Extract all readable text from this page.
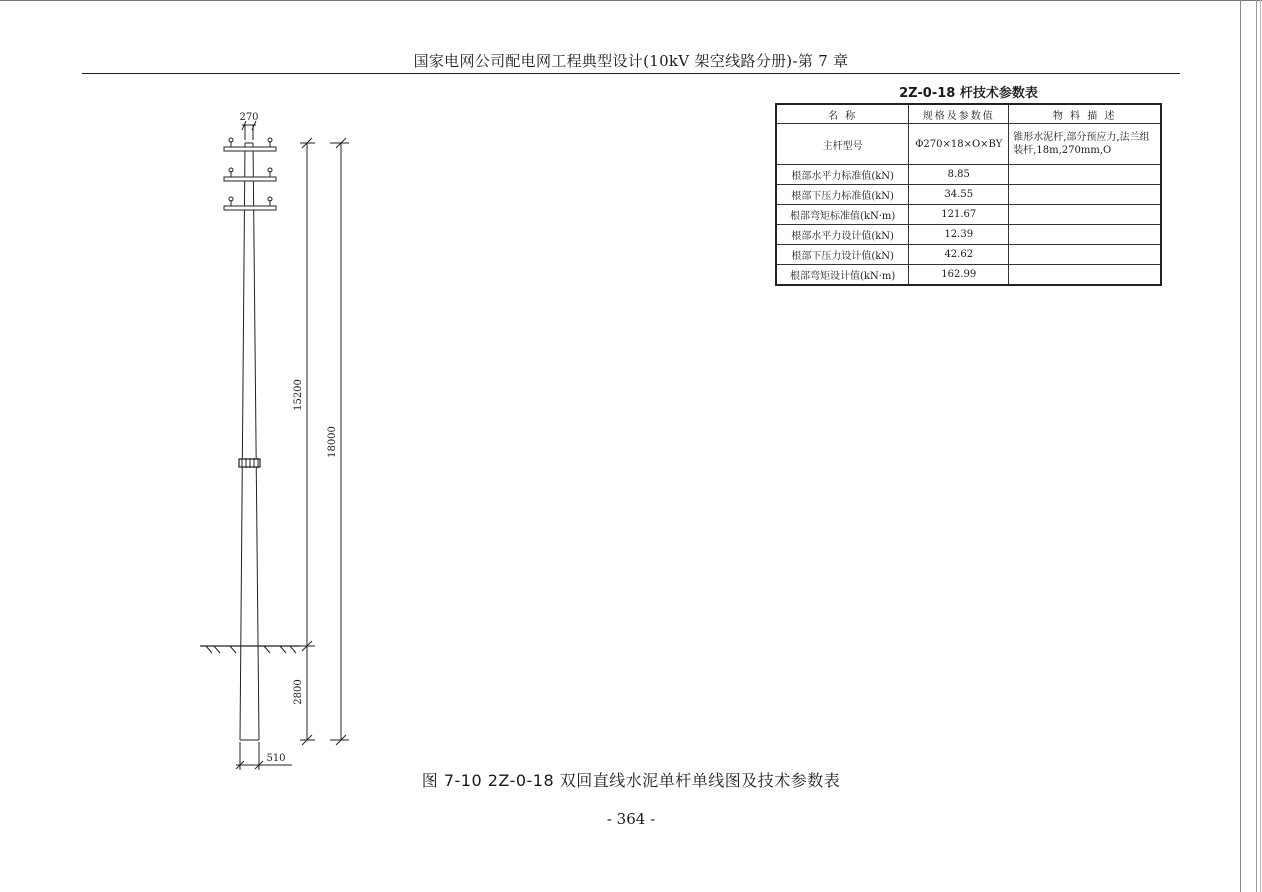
国家电网公司配电网工程典型设计(10kV 架空线路分册)-第 7 章
2Z-0-18 杆技术参数表
名 称	规格及参数值	物 料 描 述
主杆型号	Φ270×18×O×BY	锥形水泥杆,部分预应力,法兰组装杆,18m,270mm,O
根部水平力标准值(kN)	8.85	
根部下压力标准值(kN)	34.55	
根部弯矩标准值(kN·m)	121.67	
根部水平力设计值(kN)	12.39	
根部下压力设计值(kN)	42.62	
根部弯矩设计值(kN·m)	162.99	
270
15200
2800
18000
510
图 7-10 2Z-0-18 双回直线水泥单杆单线图及技术参数表
- 364 -
